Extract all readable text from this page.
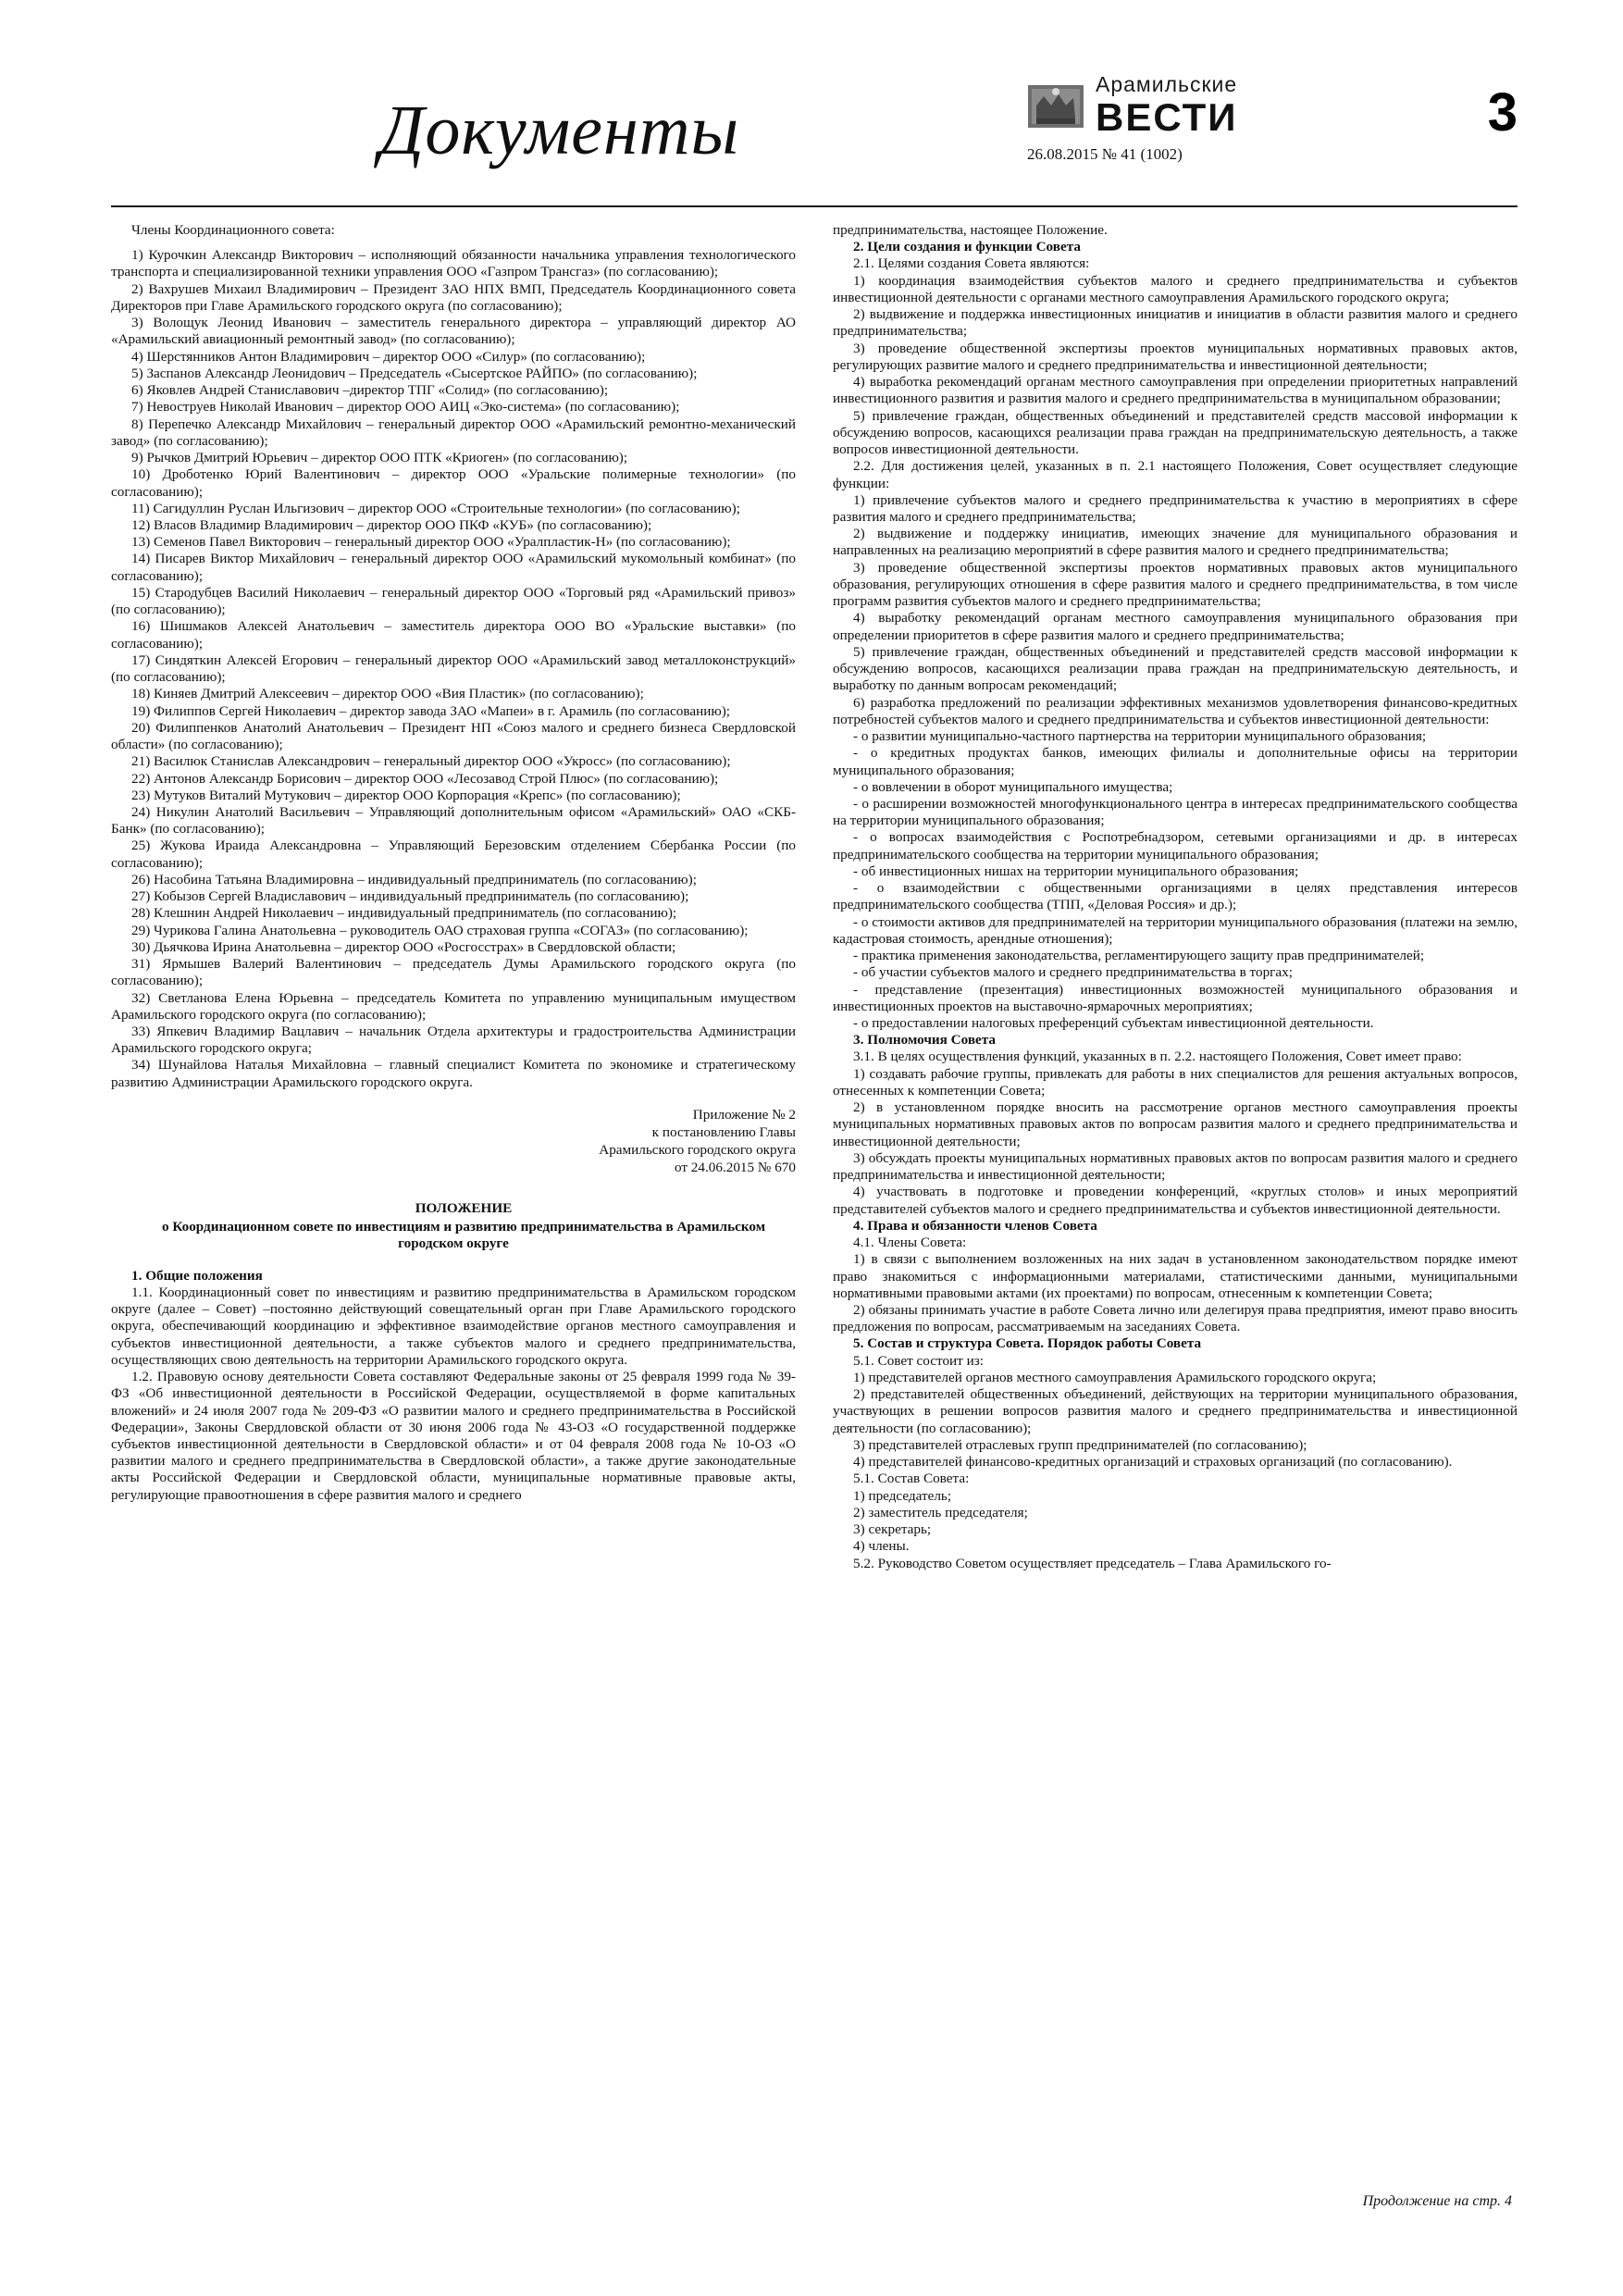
Документы
Арамильские
ВЕСТИ
26.08.2015 № 41 (1002)
3

Члены Координационного совета:

1) Курочкин Александр Викторович – исполняющий обязанности начальника управления технологического транспорта и специализированной техники управления ООО «Газпром Трансгаз» (по согласованию);

2) Вахрушев Михаил Владимирович – Президент ЗАО НПХ ВМП, Председатель Координационного совета Директоров при Главе Арамильского городского округа (по согласованию);

3) Волощук Леонид Иванович – заместитель генерального директора – управляющий директор АО «Арамильский авиационный ремонтный завод» (по согласованию);

4) Шерстянников Антон Владимирович – директор ООО «Силур» (по согласованию);

5) Заспанов Александр Леонидович – Председатель «Сысертское РАЙПО» (по согласованию);

6) Яковлев Андрей Станиславович –директор ТПГ «Солид» (по согласованию);

7) Невоструев Николай Иванович – директор ООО АИЦ «Эко-система» (по согласованию);

8) Перепечко Александр Михайлович – генеральный директор ООО «Арамильский ремонтно-механический завод» (по согласованию);

9) Рычков Дмитрий Юрьевич – директор ООО ПТК «Криоген» (по согласованию);

10) Дроботенко Юрий Валентинович – директор ООО «Уральские полимерные технологии» (по согласованию);

11) Сагидуллин Руслан Ильгизович – директор ООО «Строительные технологии» (по согласованию);

12) Власов Владимир Владимирович – директор ООО ПКФ «КУБ» (по согласованию);

13) Семенов Павел Викторович – генеральный директор ООО «Уралпластик-Н» (по согласованию);

14) Писарев Виктор Михайлович – генеральный директор ООО «Арамильский мукомольный комбинат» (по согласованию);

15) Стародубцев Василий Николаевич – генеральный директор ООО «Торговый ряд «Арамильский привоз» (по согласованию);

16) Шишмаков Алексей Анатольевич – заместитель директора ООО ВО «Уральские выставки» (по согласованию);

17) Синдяткин Алексей Егорович – генеральный директор ООО «Арамильский завод металлоконструкций» (по согласованию);

18) Киняев Дмитрий Алексеевич – директор ООО «Вия Пластик» (по согласованию);

19) Филиппов Сергей Николаевич – директор завода ЗАО «Мапеи» в г. Арамиль (по согласованию);

20) Филиппенков Анатолий Анатольевич – Президент НП «Союз малого и среднего бизнеса Свердловской области» (по согласованию);

21) Василюк Станислав Александрович – генеральный директор ООО «Укросс» (по согласованию);

22) Антонов Александр Борисович – директор ООО «Лесозавод Строй Плюс» (по согласованию);

23) Мутуков Виталий Мутукович – директор ООО Корпорация «Крепс» (по согласованию);

24) Никулин Анатолий Васильевич – Управляющий дополнительным офисом «Арамильский» ОАО «СКБ-Банк» (по согласованию);

25) Жукова Ираида Александровна – Управляющий Березовским отделением Сбербанка России (по согласованию);

26) Насобина Татьяна Владимировна – индивидуальный предприниматель (по согласованию);

27) Кобызов Сергей Владиславович – индивидуальный предприниматель (по согласованию);

28) Клешнин Андрей Николаевич – индивидуальный предприниматель (по согласованию);

29) Чурикова Галина Анатольевна – руководитель ОАО страховая группа «СОГАЗ» (по согласованию);

30) Дьячкова Ирина Анатольевна – директор ООО «Росгосстрах» в Свердловской области;

31) Ярмышев Валерий Валентинович – председатель Думы Арамильского городского округа (по согласованию);

32) Светланова Елена Юрьевна – председатель Комитета по управлению муниципальным имуществом Арамильского городского округа (по согласованию);

33) Япкевич Владимир Вацлавич – начальник Отдела архитектуры и градостроительства Администрации Арамильского городского округа;

34) Шунайлова Наталья Михайловна – главный специалист Комитета по экономике и стратегическому развитию Администрации Арамильского городского округа.

Приложение № 2

к постановлению Главы

Арамильского городского округа

от 24.06.2015 № 670

ПОЛОЖЕНИЕ

о Координационном совете по инвестициям и развитию предпринимательства в Арамильском городском округе

1. Общие положения

1.1. Координационный совет по инвестициям и развитию предпринимательства в Арамильском городском округе (далее – Совет) –постоянно действующий совещательный орган при Главе Арамильского городского округа, обеспечивающий координацию и эффективное взаимодействие органов местного самоуправления и субъектов инвестиционной деятельности, а также субъектов малого и среднего предпринимательства, осуществляющих свою деятельность на территории Арамильского городского округа.

1.2. Правовую основу деятельности Совета составляют Федеральные законы от 25 февраля 1999 года № 39-ФЗ «Об инвестиционной деятельности в Российской Федерации, осуществляемой в форме капитальных вложений» и 24 июля 2007 года № 209-ФЗ «О развитии малого и среднего предпринимательства в Российской Федерации», Законы Свердловской области от 30 июня 2006 года № 43-ОЗ «О государственной поддержке субъектов инвестиционной деятельности в Свердловской области» и от 04 февраля 2008 года № 10-ОЗ «О развитии малого и среднего предпринимательства в Свердловской области», а также другие законодательные акты Российской Федерации и Свердловской области, муниципальные нормативные правовые акты, регулирующие правоотношения в сфере развития малого и среднего

предпринимательства, настоящее Положение.

2. Цели создания и функции Совета

2.1. Целями создания Совета являются:

1) координация взаимодействия субъектов малого и среднего предпринимательства и субъектов инвестиционной деятельности с органами местного самоуправления Арамильского городского округа;

2) выдвижение и поддержка инвестиционных инициатив и инициатив в области развития малого и среднего предпринимательства;

3) проведение общественной экспертизы проектов муниципальных нормативных правовых актов, регулирующих развитие малого и среднего предпринимательства и инвестиционной деятельности;

4) выработка рекомендаций органам местного самоуправления при определении приоритетных направлений инвестиционного развития и развития малого и среднего предпринимательства в муниципальном образовании;

5) привлечение граждан, общественных объединений и представителей средств массовой информации к обсуждению вопросов, касающихся реализации права граждан на предпринимательскую деятельность, а также вопросов инвестиционной деятельности.

2.2. Для достижения целей, указанных в п. 2.1 настоящего Положения, Совет осуществляет следующие функции:

1) привлечение субъектов малого и среднего предпринимательства к участию в мероприятиях в сфере развития малого и среднего предпринимательства;

2) выдвижение и поддержку инициатив, имеющих значение для муниципального образования и направленных на реализацию мероприятий в сфере развития малого и среднего предпринимательства;

3) проведение общественной экспертизы проектов нормативных правовых актов муниципального образования, регулирующих отношения в сфере развития малого и среднего предпринимательства, в том числе программ развития субъектов малого и среднего предпринимательства;

4) выработку рекомендаций органам местного самоуправления муниципального образования при определении приоритетов в сфере развития малого и среднего предпринимательства;

5) привлечение граждан, общественных объединений и представителей средств массовой информации к обсуждению вопросов, касающихся реализации права граждан на предпринимательскую деятельность, и выработку по данным вопросам рекомендаций;

6) разработка предложений по реализации эффективных механизмов удовлетворения финансово-кредитных потребностей субъектов малого и среднего предпринимательства и субъектов инвестиционной деятельности:

- о развитии муниципально-частного партнерства на территории муниципального образования;

- о кредитных продуктах банков, имеющих филиалы и дополнительные офисы на территории муниципального образования;

- о вовлечении в оборот муниципального имущества;

- о расширении возможностей многофункционального центра в интересах предпринимательского сообщества на территории муниципального образования;

- о вопросах взаимодействия с Роспотребнадзором, сетевыми организациями и др. в интересах предпринимательского сообщества на территории муниципального образования;

- об инвестиционных нишах на территории муниципального образования;

- о взаимодействии с общественными организациями в целях представления интересов предпринимательского сообщества (ТПП, «Деловая Россия» и др.);

- о стоимости активов для предпринимателей на территории муниципального образования (платежи на землю, кадастровая стоимость, арендные отношения);

- практика применения законодательства, регламентирующего защиту прав предпринимателей;

- об участии субъектов малого и среднего предпринимательства в торгах;

- представление (презентация) инвестиционных возможностей муниципального образования и инвестиционных проектов на выставочно-ярмарочных мероприятиях;

- о предоставлении налоговых преференций субъектам инвестиционной деятельности.

3. Полномочия Совета

3.1. В целях осуществления функций, указанных в п. 2.2. настоящего Положения, Совет имеет право:

1) создавать рабочие группы, привлекать для работы в них специалистов для решения актуальных вопросов, отнесенных к компетенции Совета;

2) в установленном порядке вносить на рассмотрение органов местного самоуправления проекты муниципальных нормативных правовых актов по вопросам развития малого и среднего предпринимательства и инвестиционной деятельности;

3) обсуждать проекты муниципальных нормативных правовых актов по вопросам развития малого и среднего предпринимательства и инвестиционной деятельности;

4) участвовать в подготовке и проведении конференций, «круглых столов» и иных мероприятий представителей субъектов малого и среднего предпринимательства и субъектов инвестиционной деятельности.

4. Права и обязанности членов Совета

4.1. Члены Совета:

1) в связи с выполнением возложенных на них задач в установленном законодательством порядке имеют право знакомиться с информационными материалами, статистическими данными, муниципальными нормативными правовыми актами (их проектами) по вопросам, отнесенным к компетенции Совета;

2) обязаны принимать участие в работе Совета лично или делегируя права предприятия, имеют право вносить предложения по вопросам, рассматриваемым на заседаниях Совета.

5. Состав и структура Совета. Порядок работы Совета

5.1. Совет состоит из:

1) представителей органов местного самоуправления Арамильского городского округа;

2) представителей общественных объединений, действующих на территории муниципального образования, участвующих в решении вопросов развития малого и среднего предпринимательства и инвестиционной деятельности (по согласованию);

3) представителей отраслевых групп предпринимателей (по согласованию);

4) представителей финансово-кредитных организаций и страховых организаций (по согласованию).

5.1. Состав Совета:

1) председатель;

2) заместитель председателя;

3) секретарь;

4) члены.

5.2. Руководство Советом осуществляет председатель – Глава Арамильского го-

Продолжение на стр. 4
